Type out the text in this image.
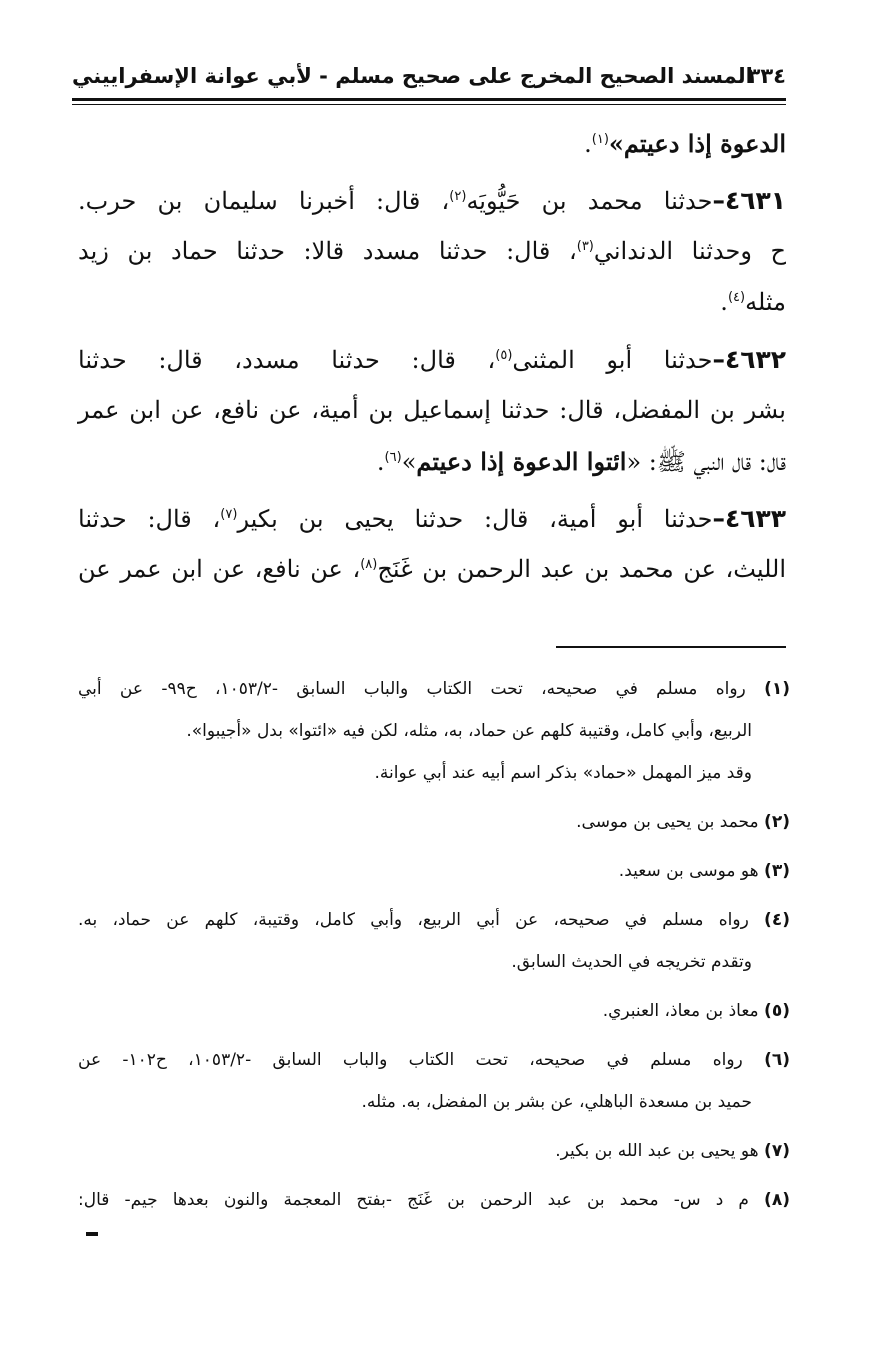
٣٣٤
المسند الصحيح المخرج على صحيح مسلم - لأبي عوانة الإسفراييني
الدعوة إذا دعيتم»$^{(١)}$.
٤٦٣١–حدثنا محمد بن حَيُّويَه$^{(٢)}$، قال: أخبرنا سليمان بن حرب.
ح وحدثنا الدنداني$^{(٣)}$، قال: حدثنا مسدد قالا: حدثنا حماد بن زيد
مثله$^{(٤)}$.
٤٦٣٢–حدثنا أبو المثنى$^{(٥)}$، قال: حدثنا مسدد، قال: حدثنا
بشر بن المفضل، قال: حدثنا إسماعيل بن أمية، عن نافع، عن ابن عمر
قال: قال النبي ﷺ: «ائتوا الدعوة إذا دعيتم»$^{(٦)}$.
٤٦٣٣–حدثنا أبو أمية، قال: حدثنا يحيى بن بكير$^{(٧)}$، قال: حدثنا
الليث، عن محمد بن عبد الرحمن بن غَنَج$^{(٨)}$، عن نافع، عن ابن عمر عن
(١) رواه مسلم في صحيحه، تحت الكتاب والباب السابق -١٠٥٣/٢، ح٩٩- عن أبي
الربيع، وأبي كامل، وقتيبة كلهم عن حماد، به، مثله، لكن فيه «ائتوا» بدل «أجيبوا».
وقد ميز المهمل «حماد» بذكر اسم أبيه عند أبي عوانة.
(٢) محمد بن يحيى بن موسى.
(٣) هو موسى بن سعيد.
(٤) رواه مسلم في صحيحه، عن أبي الربيع، وأبي كامل، وقتيبة، كلهم عن حماد، به.
وتقدم تخريجه في الحديث السابق.
(٥) معاذ بن معاذ، العنبري.
(٦) رواه مسلم في صحيحه، تحت الكتاب والباب السابق -١٠٥٣/٢، ح١٠٢- عن
حميد بن مسعدة الباهلي، عن بشر بن المفضل، به. مثله.
(٧) هو يحيى بن عبد الله بن بكير.
(٨) م د س- محمد بن عبد الرحمن بن غَنَج -بفتح المعجمة والنون بعدها جيم- قال:
